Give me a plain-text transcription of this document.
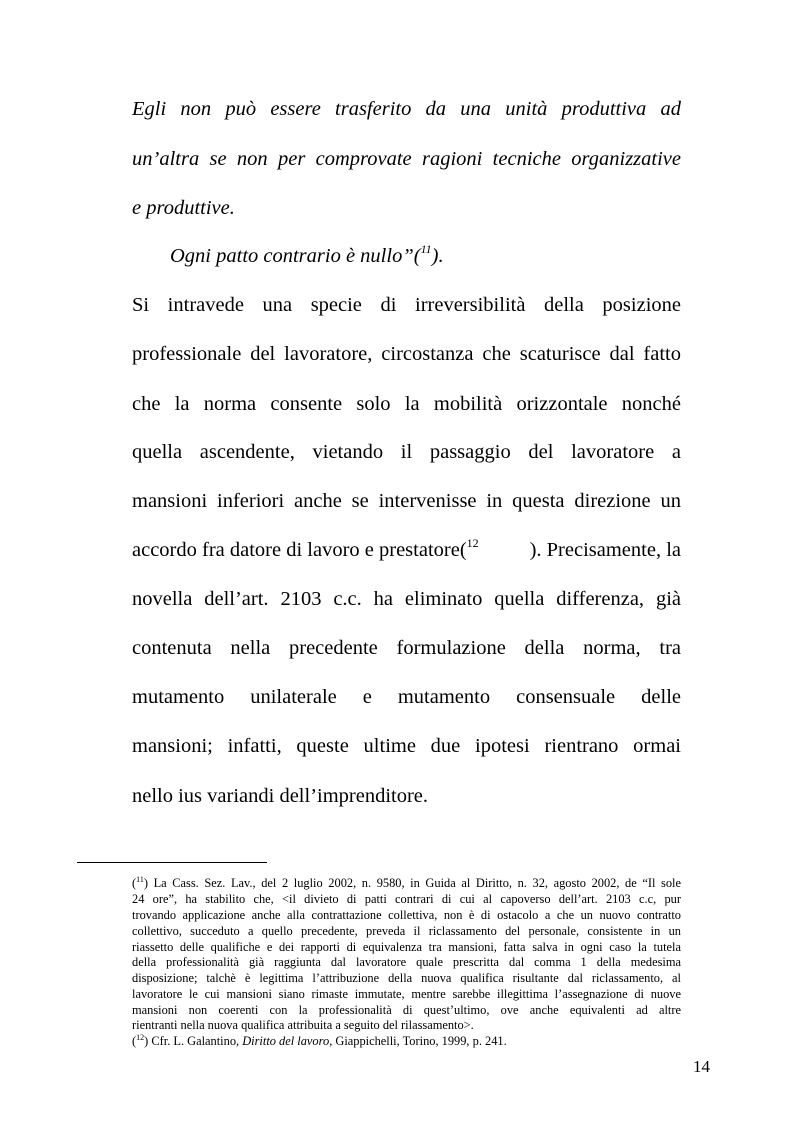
Egli non può essere trasferito da una unità produttiva ad
un’altra se non per comprovate ragioni tecniche organizzative
e produttive.
Ogni patto contrario è nullo”($^{11}$).
Si intravede una specie di irreversibilità della posizione
professionale del lavoratore, circostanza che scaturisce dal fatto
che la norma consente solo la mobilità orizzontale nonché
quella ascendente, vietando il passaggio del lavoratore a
mansioni inferiori anche se intervenisse in questa direzione un
accordo fra datore di lavoro e prestatore($^{12}$ ). Precisamente, la
novella dell’art. 2103 c.c. ha eliminato quella differenza, già
contenuta nella precedente formulazione della norma, tra
mutamento unilaterale e mutamento consensuale delle
mansioni; infatti, queste ultime due ipotesi rientrano ormai
nello ius variandi dell’imprenditore.
($^{11}$) La Cass. Sez. Lav., del 2 luglio 2002, n. 9580, in Guida al Diritto, n. 32, agosto 2002, de “Il sole
24 ore”, ha stabilito che, <il divieto di patti contrari di cui al capoverso dell’art. 2103 c.c, pur
trovando applicazione anche alla contrattazione collettiva, non è di ostacolo a che un nuovo contratto
collettivo, succeduto a quello precedente, preveda il riclassamento del personale, consistente in un
riassetto delle qualifiche e dei rapporti di equivalenza tra mansioni, fatta salva in ogni caso la tutela
della professionalità già raggiunta dal lavoratore quale prescritta dal comma 1 della medesima
disposizione; talchè è legittima l’attribuzione della nuova qualifica risultante dal riclassamento, al
lavoratore le cui mansioni siano rimaste immutate, mentre sarebbe illegittima l’assegnazione di nuove
mansioni non coerenti con la professionalità di quest’ultimo, ove anche equivalenti ad altre
rientranti nella nuova qualifica attribuita a seguito del rilassamento>.
($^{12}$) Cfr. L. Galantino, Diritto del lavoro, Giappichelli, Torino, 1999, p. 241.
14
